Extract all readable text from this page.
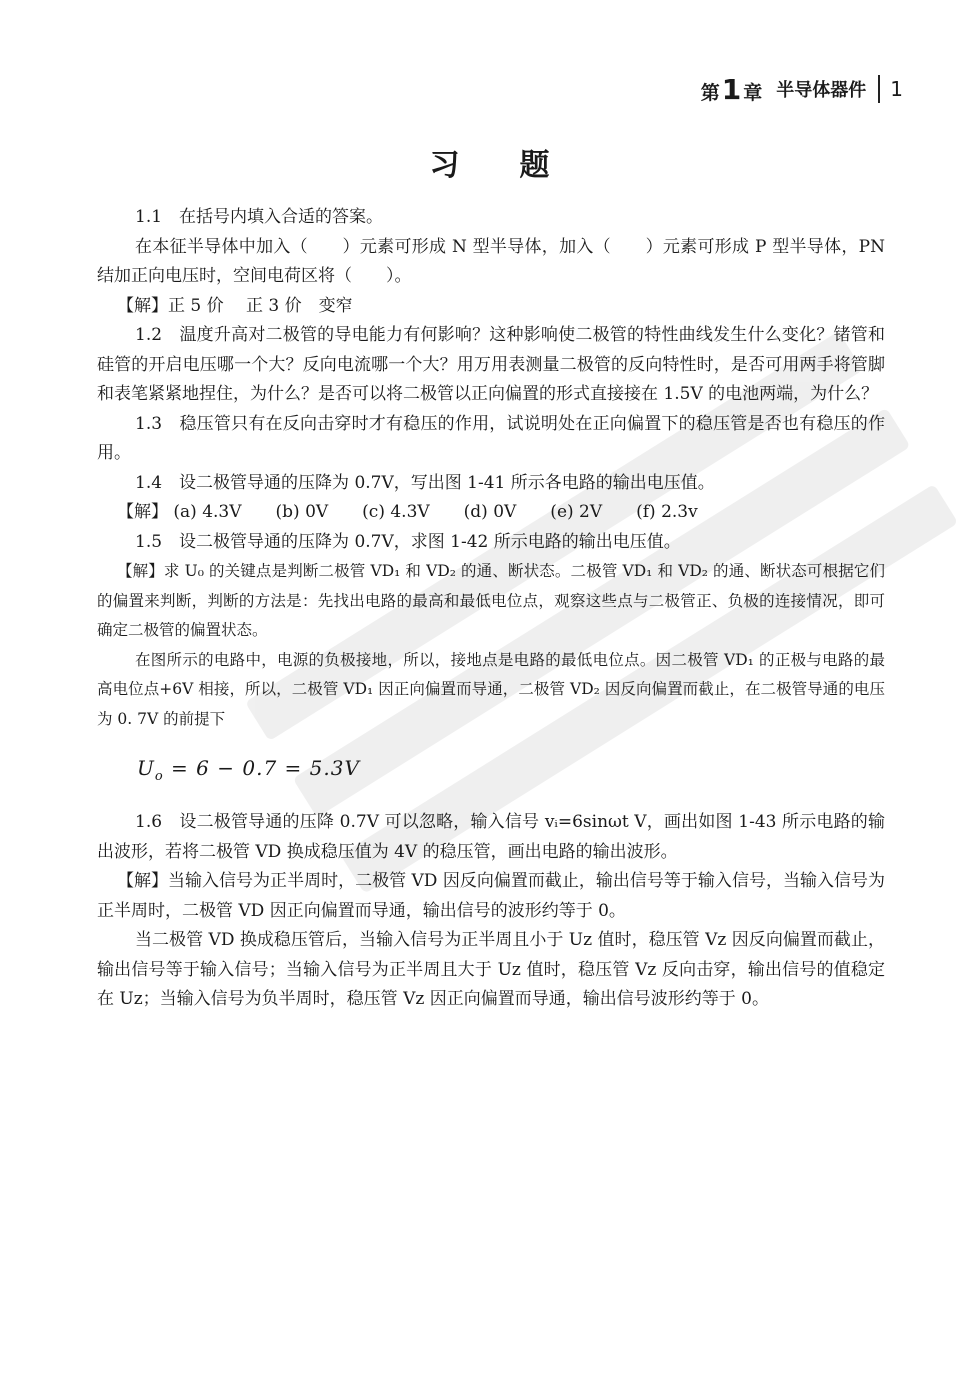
第 1 章 半导体器件 1
习题

1.1　在括号内填入合适的答案。

在本征半导体中加入（　　）元素可形成 N 型半导体，加入（　　）元素可形成 P 型半导体，PN 结加正向电压时，空间电荷区将（　　）。

【解】正 5 价　 正 3 价　变窄

1.2　温度升高对二极管的导电能力有何影响？这种影响使二极管的特性曲线发生什么变化？锗管和硅管的开启电压哪一个大？反向电流哪一个大？用万用表测量二极管的反向特性时，是否可用两手将管脚和表笔紧紧地捏住，为什么？是否可以将二极管以正向偏置的形式直接接在 1.5V 的电池两端，为什么？

1.3　稳压管只有在反向击穿时才有稳压的作用，试说明处在正向偏置下的稳压管是否也有稳压的作用。

1.4　设二极管导通的压降为 0.7V，写出图 1-41 所示各电路的输出电压值。

【解】 (a) 4.3V　　(b) 0V　　(c) 4.3V　　(d) 0V　　(e) 2V　　(f) 2.3v

1.5　设二极管导通的压降为 0.7V，求图 1-42 所示电路的输出电压值。

【解】求 U₀ 的关键点是判断二极管 VD₁ 和 VD₂ 的通、断状态。二极管 VD₁ 和 VD₂ 的通、断状态可根据它们的偏置来判断，判断的方法是：先找出电路的最高和最低电位点，观察这些点与二极管正、负极的连接情况，即可确定二极管的偏置状态。

在图所示的电路中，电源的负极接地，所以，接地点是电路的最低电位点。因二极管 VD₁ 的正极与电路的最高电位点+6V 相接，所以，二极管 VD₁ 因正向偏置而导通，二极管 VD₂ 因反向偏置而截止，在二极管导通的电压为 0. 7V 的前提下

$U_o = 6 - 0.7 = 5.3V$

1.6　设二极管导通的压降 0.7V 可以忽略，输入信号 vᵢ=6sinωt V，画出如图 1-43 所示电路的输出波形，若将二极管 VD 换成稳压值为 4V 的稳压管，画出电路的输出波形。

【解】当输入信号为正半周时，二极管 VD 因反向偏置而截止，输出信号等于输入信号，当输入信号为正半周时，二极管 VD 因正向偏置而导通，输出信号的波形约等于 0。

当二极管 VD 换成稳压管后，当输入信号为正半周且小于 Uz 值时，稳压管 Vz 因反向偏置而截止，输出信号等于输入信号；当输入信号为正半周且大于 Uz 值时，稳压管 Vz 反向击穿，输出信号的值稳定在 Uz；当输入信号为负半周时，稳压管 Vz 因正向偏置而导通，输出信号波形约等于 0。
